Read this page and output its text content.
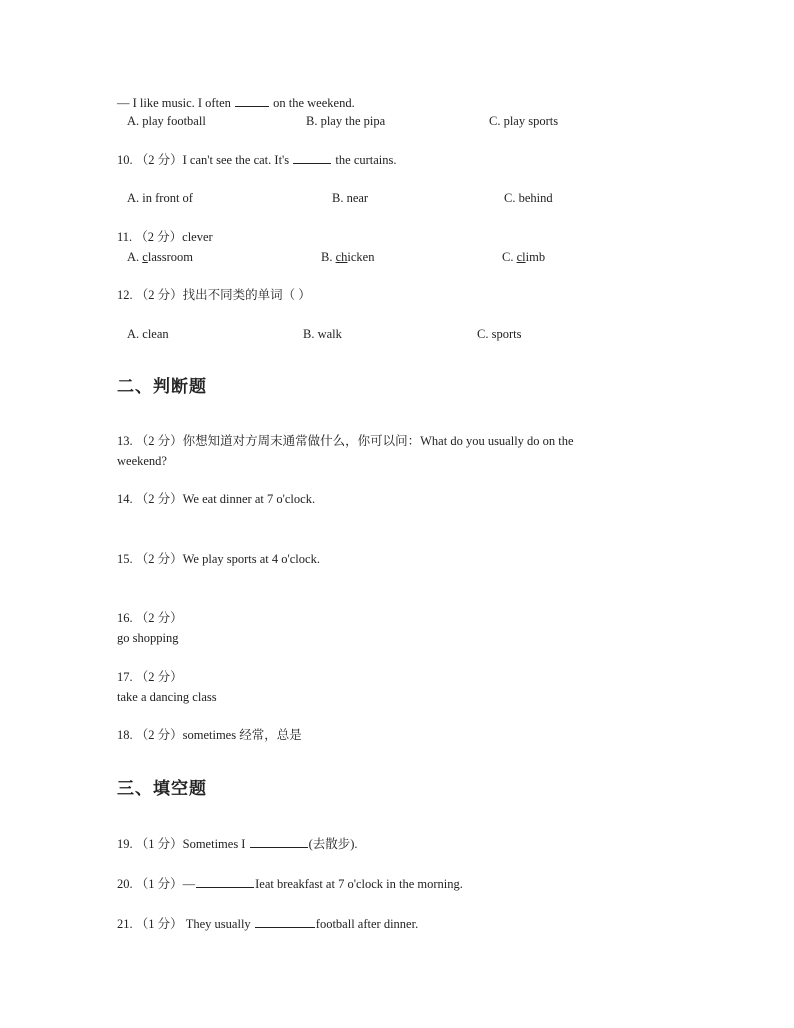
— I like music. I often	on the weekend.
A. play football	B. play the pipa	C. play sports
10. （2 分）I can't see the cat. It's	the curtains.
A. in front of	B. near	C. behind
11. （2 分）clever
A. classroom	B. chicken	C. climb
12. （2 分）找出不同类的单词（ ）
A. clean	B. walk	C. sports
二、判断题
13. （2 分）你想知道对方周末通常做什么，你可以问：What do you usually do on the
weekend?
14. （2 分）We eat dinner at 7 o'clock.
15. （2 分）We play sports at 4 o'clock.
16. （2 分）
go shopping
17. （2 分）
take a dancing class
18. （2 分）sometimes 经常，总是
三、填空题
19. （1 分）Sometimes I	(去散步).
20. （1 分）—	Ieat breakfast at 7 o'clock in the morning.
21. （1 分） They usually	football after dinner.
